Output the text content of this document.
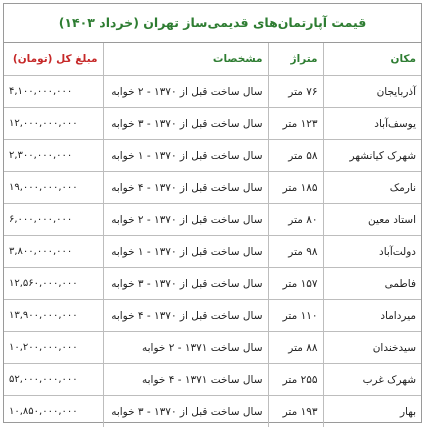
قیمت آپارتمان‌های قدیمی‌ساز تهران (خرداد ۱۴۰۳)
مکان	متراژ	مشخصات	مبلغ کل (تومان)
آذربایجان	۷۶ متر	سال ساخت قبل از ۱۳۷۰ - ۲ خوابه	۴,۱۰۰,۰۰۰,۰۰۰
یوسف‌آباد	۱۲۳ متر	سال ساخت قبل از ۱۳۷۰ - ۳ خوابه	۱۲,۰۰۰,۰۰۰,۰۰۰
شهرک کیانشهر	۵۸ متر	سال ساخت قبل از ۱۳۷۰ - ۱ خوابه	۲,۳۰۰,۰۰۰,۰۰۰
نارمک	۱۸۵ متر	سال ساخت قبل از ۱۳۷۰ - ۴ خوابه	۱۹,۰۰۰,۰۰۰,۰۰۰
استاد معین	۸۰ متر	سال ساخت قبل از ۱۳۷۰ - ۲ خوابه	۶,۰۰۰,۰۰۰,۰۰۰
دولت‌آباد	۹۸ متر	سال ساخت قبل از ۱۳۷۰ - ۱ خوابه	۳,۸۰۰,۰۰۰,۰۰۰
فاطمی	۱۵۷ متر	سال ساخت قبل از ۱۳۷۰ - ۳ خوابه	۱۲,۵۶۰,۰۰۰,۰۰۰
میرداماد	۱۱۰ متر	سال ساخت قبل از ۱۳۷۰ - ۴ خوابه	۱۳,۹۰۰,۰۰۰,۰۰۰
سیدخندان	۸۸ متر	سال ساخت ۱۳۷۱ - ۲ خوابه	۱۰,۲۰۰,۰۰۰,۰۰۰
شهرک غرب	۲۵۵ متر	سال ساخت ۱۳۷۱ - ۴ خوابه	۵۲,۰۰۰,۰۰۰,۰۰۰
بهار	۱۹۳ متر	سال ساخت قبل از ۱۳۷۰ - ۳ خوابه	۱۰,۸۵۰,۰۰۰,۰۰۰
